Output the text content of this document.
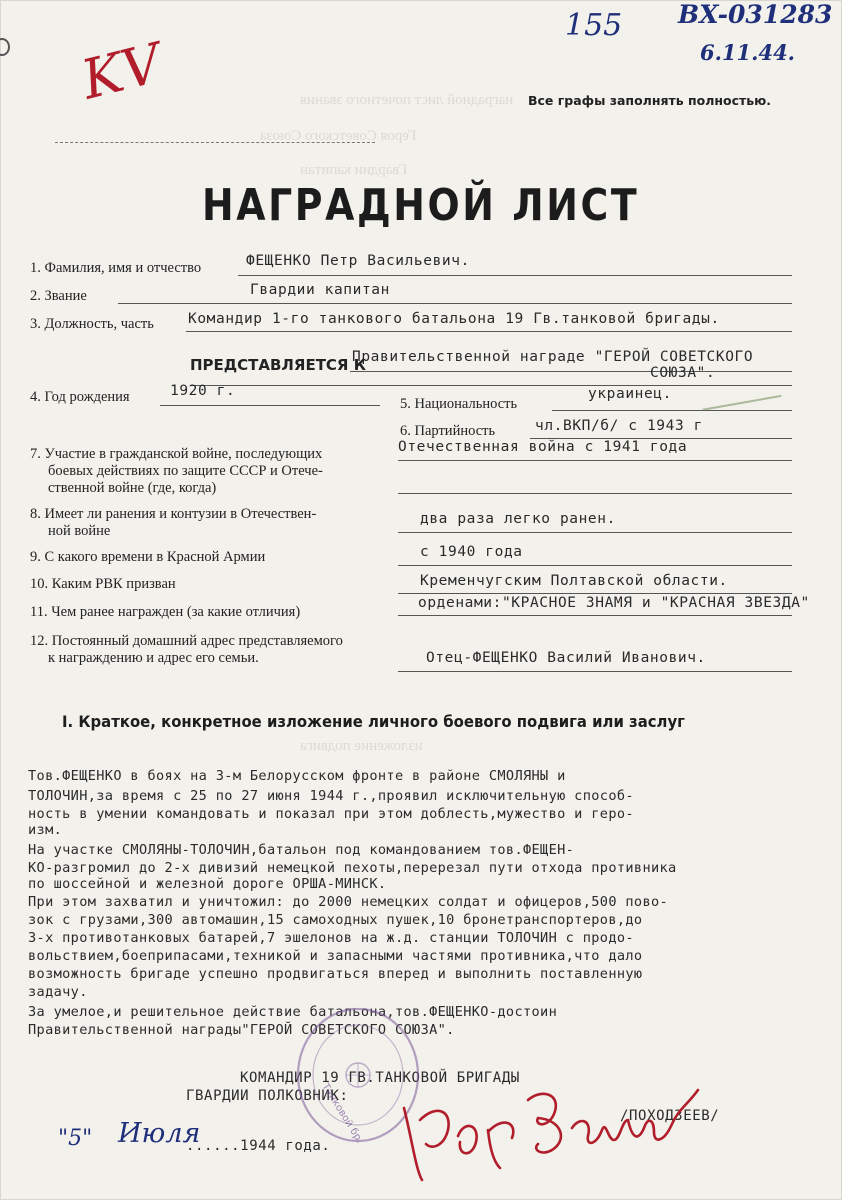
наградной лист почетного звания
Героя Советского Союза
Гвардии капитан
изложение подвига
KV
155 BX-031283
6.11.44.
Все графы заполнять полностью.
НАГРАДНОЙ ЛИСТ
1. Фамилия, имя и отчество	ФЕЩЕНКО Петр Васильевич.
2. Звание	Гвардии капитан
3. Должность, часть Командир 1-го танкового батальона 19 Гв.танковой бригады.
ПРЕДСТАВЛЯЕТСЯ К
Правительственной награде "ГЕРОЙ СОВЕТСКОГО
СОЮЗА".
4. Год рождения	1920 г.
5. Национальность
украинец.
6. Партийность	чл.ВКП/б/ с 1943 г
7. Участие в гражданской войне, последующих
боевых действиях по защите СССР и Отече-
ственной войне (где, когда)
Отечественная война с 1941 года
8. Имеет ли ранения и контузии в Отечествен-
ной войне
два раза легко ранен.
9. С какого времени в Красной Армии	с 1940 года
10. Каким РВК призван	Кременчугским Полтавской области.
11. Чем ранее награжден (за какие отличия)
орденами:"КРАСНОЕ ЗНАМЯ и "КРАСНАЯ ЗВЕЗДА"
12. Постоянный домашний адрес представляемого
к награждению и адрес его семьи.	Отец-ФЕЩЕНКО Василий Иванович.
I. Краткое, конкретное изложение личного боевого подвига или заслуг
Тов.ФЕЩЕНКО в боях на 3-м Белорусском фронте в районе СМОЛЯНЫ и
ТОЛОЧИН,за время с 25 по 27 июня 1944 г.,проявил исключительную способ-
ность в умении командовать и показал при этом доблесть,мужество и геро-
изм.
На участке СМОЛЯНЫ-ТОЛОЧИН,батальон под командованием тов.ФЕЩЕН-
КО-разгромил до 2-х дивизий немецкой пехоты,перерезал пути отхода противника
по шоссейной и железной дороге ОРША-МИНСК.
При этом захватил и уничтожил: до 2000 немецких солдат и офицеров,500 пово-
зок с грузами,300 автомашин,15 самоходных пушек,10 бронетранспортеров,до
3-х противотанковых батарей,7 эшелонов на ж.д. станции ТОЛОЧИН с продо-
вольствием,боеприпасами,техникой и запасными частями противника,что дало
возможность бригаде успешно продвигаться вперед и выполнить поставленную
задачу.
За умелое,и решительное действие батальона,тов.ФЕЩЕНКО-достоин
Правительственной награды"ГЕРОЙ СОВЕТСКОГО СОЮЗА".
КОМАНДИР 19 ГВ.ТАНКОВОЙ БРИГАДЫ
ГВАРДИИ ПОЛКОВНИК:
/ПОХОДЗЕЕВ/
"5" Июля
......1944 года.
Танковой бр.
